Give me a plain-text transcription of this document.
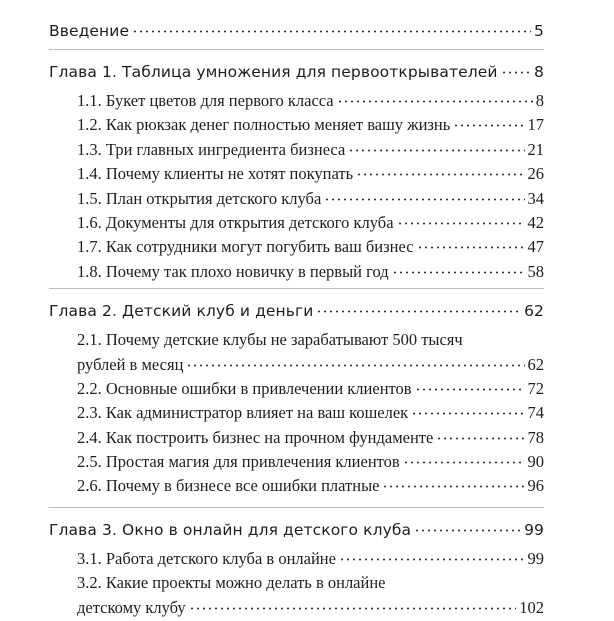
Введение	5
Глава 1. Таблица умножения для первооткрывателей 8
1.1. Букет цветов для первого класса	8
1.2. Как рюкзак денег полностью меняет вашу жизнь	17
1.3. Три главных ингредиента бизнеса	21
1.4. Почему клиенты не хотят покупать	26
1.5. План открытия детского клуба	34
1.6. Документы для открытия детского клуба	42
1.7. Как сотрудники могут погубить ваш бизнес	47
1.8. Почему так плохо новичку в первый год	58
Глава 2. Детский клуб и деньги	62
2.1. Почему детские клубы не зарабатывают 500 тысяч
рублей в месяц	62
2.2. Основные ошибки в привлечении клиентов	72
2.3. Как администратор влияет на ваш кошелек	74
2.4. Как построить бизнес на прочном фундаменте	78
2.5. Простая магия для привлечения клиентов	90
2.6. Почему в бизнесе все ошибки платные	96
Глава 3. Окно в онлайн для детского клуба	99
3.1. Работа детского клуба в онлайне	99
3.2. Какие проекты можно делать в онлайне
детскому клубу	102
